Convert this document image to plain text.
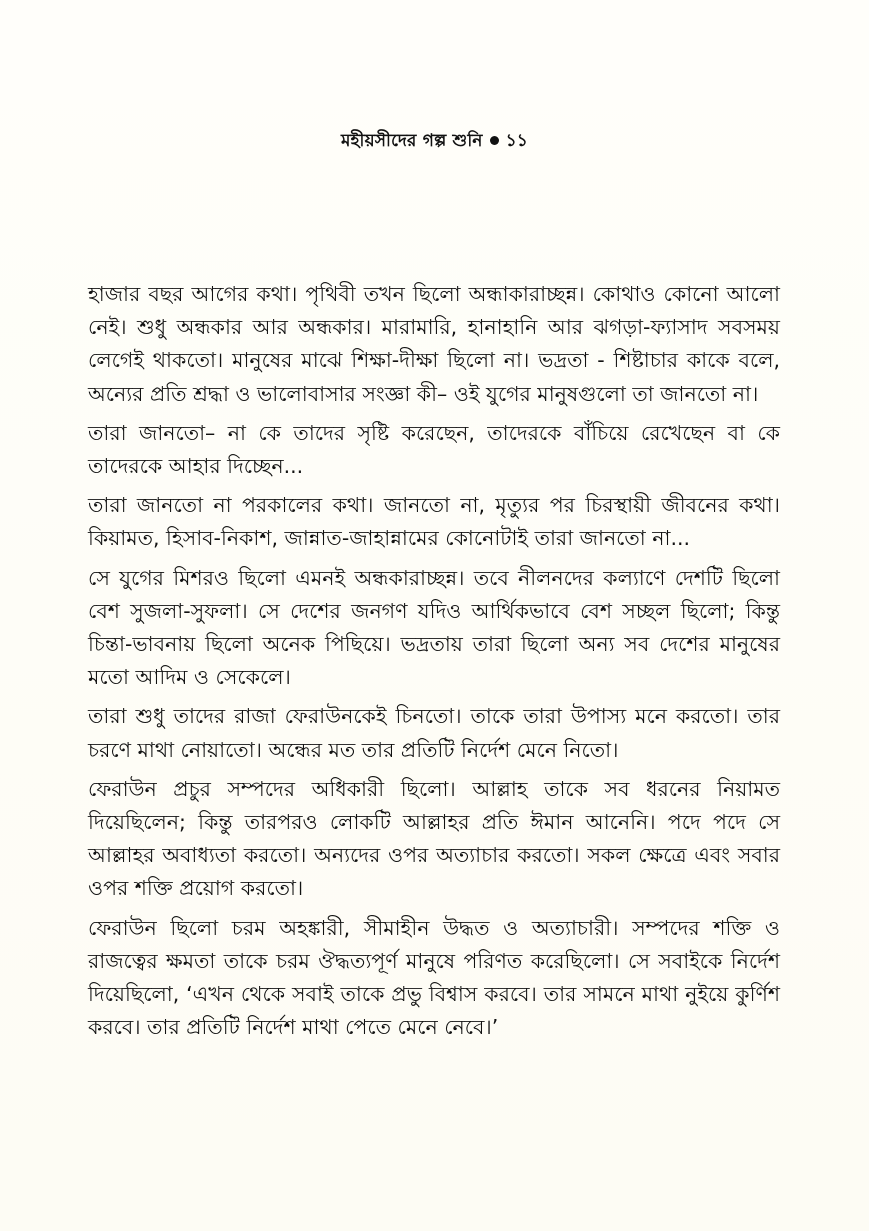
মহীয়সীদের গল্প শুনি ১১

হাজার বছর আগের কথা। পৃথিবী তখন ছিলো অন্ধাকারাচ্ছন্ন। কোথাও কোনো আলো নেই। শুধু অন্ধকার আর অন্ধকার। মারামারি, হানাহানি আর ঝগড়া-ফ্যাসাদ সবসময় লেগেই থাকতো। মানুষের মাঝে শিক্ষা-দীক্ষা ছিলো না। ভদ্রতা - শিষ্টাচার কাকে বলে, অন্যের প্রতি শ্রদ্ধা ও ভালোবাসার সংজ্ঞা কী– ওই যুগের মানুষগুলো তা জানতো না।

তারা জানতো– না কে তাদের সৃষ্টি করেছেন, তাদেরকে বাঁচিয়ে রেখেছেন বা কে তাদেরকে আহার দিচ্ছেন...

তারা জানতো না পরকালের কথা। জানতো না, মৃত্যুর পর চিরস্থায়ী জীবনের কথা। কিয়ামত, হিসাব-নিকাশ, জান্নাত-জাহান্নামের কোনোটাই তারা জানতো না...

সে যুগের মিশরও ছিলো এমনই অন্ধকারাচ্ছন্ন। তবে নীলনদের কল্যাণে দেশটি ছিলো বেশ সুজলা-সুফলা। সে দেশের জনগণ যদিও আর্থিকভাবে বেশ সচ্ছল ছিলো; কিন্তু চিন্তা-ভাবনায় ছিলো অনেক পিছিয়ে। ভদ্রতায় তারা ছিলো অন্য সব দেশের মানুষের মতো আদিম ও সেকেলে।

তারা শুধু তাদের রাজা ফেরাউনকেই চিনতো। তাকে তারা উপাস্য মনে করতো। তার চরণে মাথা নোয়াতো। অন্ধের মত তার প্রতিটি নির্দেশ মেনে নিতো।

ফেরাউন প্রচুর সম্পদের অধিকারী ছিলো। আল্লাহ তাকে সব ধরনের নিয়ামত দিয়েছিলেন; কিন্তু তারপরও লোকটি আল্লাহর প্রতি ঈমান আনেনি। পদে পদে সে আল্লাহর অবাধ্যতা করতো। অন্যদের ওপর অত্যাচার করতো। সকল ক্ষেত্রে এবং সবার ওপর শক্তি প্রয়োগ করতো।

ফেরাউন ছিলো চরম অহঙ্কারী, সীমাহীন উদ্ধত ও অত্যাচারী। সম্পদের শক্তি ও রাজত্বের ক্ষমতা তাকে চরম ঔদ্ধত্যপূর্ণ মানুষে পরিণত করেছিলো। সে সবাইকে নির্দেশ দিয়েছিলো, ‘এখন থেকে সবাই তাকে প্রভু বিশ্বাস করবে। তার সামনে মাথা নুইয়ে কুর্ণিশ করবে। তার প্রতিটি নির্দেশ মাথা পেতে মেনে নেবে।’
